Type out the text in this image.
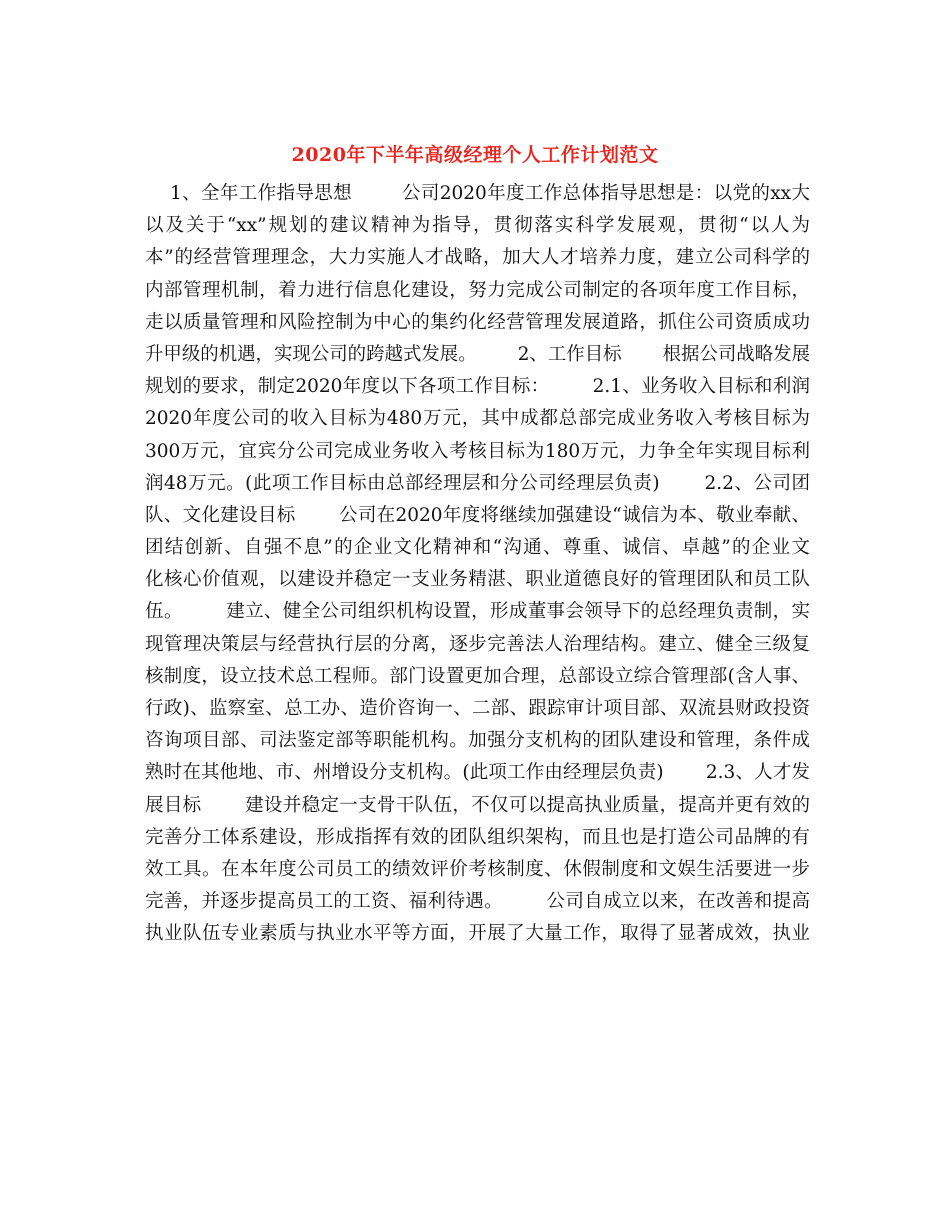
2020年下半年高级经理个人工作计划范文

1、全年工作指导思想        公司2020年度工作总体指导思想是：以党的xx大

以及关于“xx”规划的建议精神为指导，贯彻落实科学发展观，贯彻“以人为

本”的经营管理理念，大力实施人才战略，加大人才培养力度，建立公司科学的

内部管理机制，着力进行信息化建设，努力完成公司制定的各项年度工作目标，

走以质量管理和风险控制为中心的集约化经营管理发展道路，抓住公司资质成功

升甲级的机遇，实现公司的跨越式发展。       2、工作目标       根据公司战略发展

规划的要求，制定2020年度以下各项工作目标：       2.1、业务收入目标和利润

2020年度公司的收入目标为480万元，其中成都总部完成业务收入考核目标为

300万元，宜宾分公司完成业务收入考核目标为180万元，力争全年实现目标利

润48万元。(此项工作目标由总部经理层和分公司经理层负责)       2.2、公司团

队、文化建设目标       公司在2020年度将继续加强建设“诚信为本、敬业奉献、

团结创新、自强不息”的企业文化精神和“沟通、尊重、诚信、卓越”的企业文

化核心价值观，以建设并稳定一支业务精湛、职业道德良好的管理团队和员工队

伍。       建立、健全公司组织机构设置，形成董事会领导下的总经理负责制，实

现管理决策层与经营执行层的分离，逐步完善法人治理结构。建立、健全三级复

核制度，设立技术总工程师。部门设置更加合理，总部设立综合管理部(含人事、

行政)、监察室、总工办、造价咨询一、二部、跟踪审计项目部、双流县财政投资

咨询项目部、司法鉴定部等职能机构。加强分支机构的团队建设和管理，条件成

熟时在其他地、市、州增设分支机构。(此项工作由经理层负责)       2.3、人才发

展目标       建设并稳定一支骨干队伍，不仅可以提高执业质量，提高并更有效的

完善分工体系建设，形成指挥有效的团队组织架构，而且也是打造公司品牌的有

效工具。在本年度公司员工的绩效评价考核制度、休假制度和文娱生活要进一步

完善，并逐步提高员工的工资、福利待遇。       公司自成立以来，在改善和提高

执业队伍专业素质与执业水平等方面，开展了大量工作，取得了显著成效，执业
